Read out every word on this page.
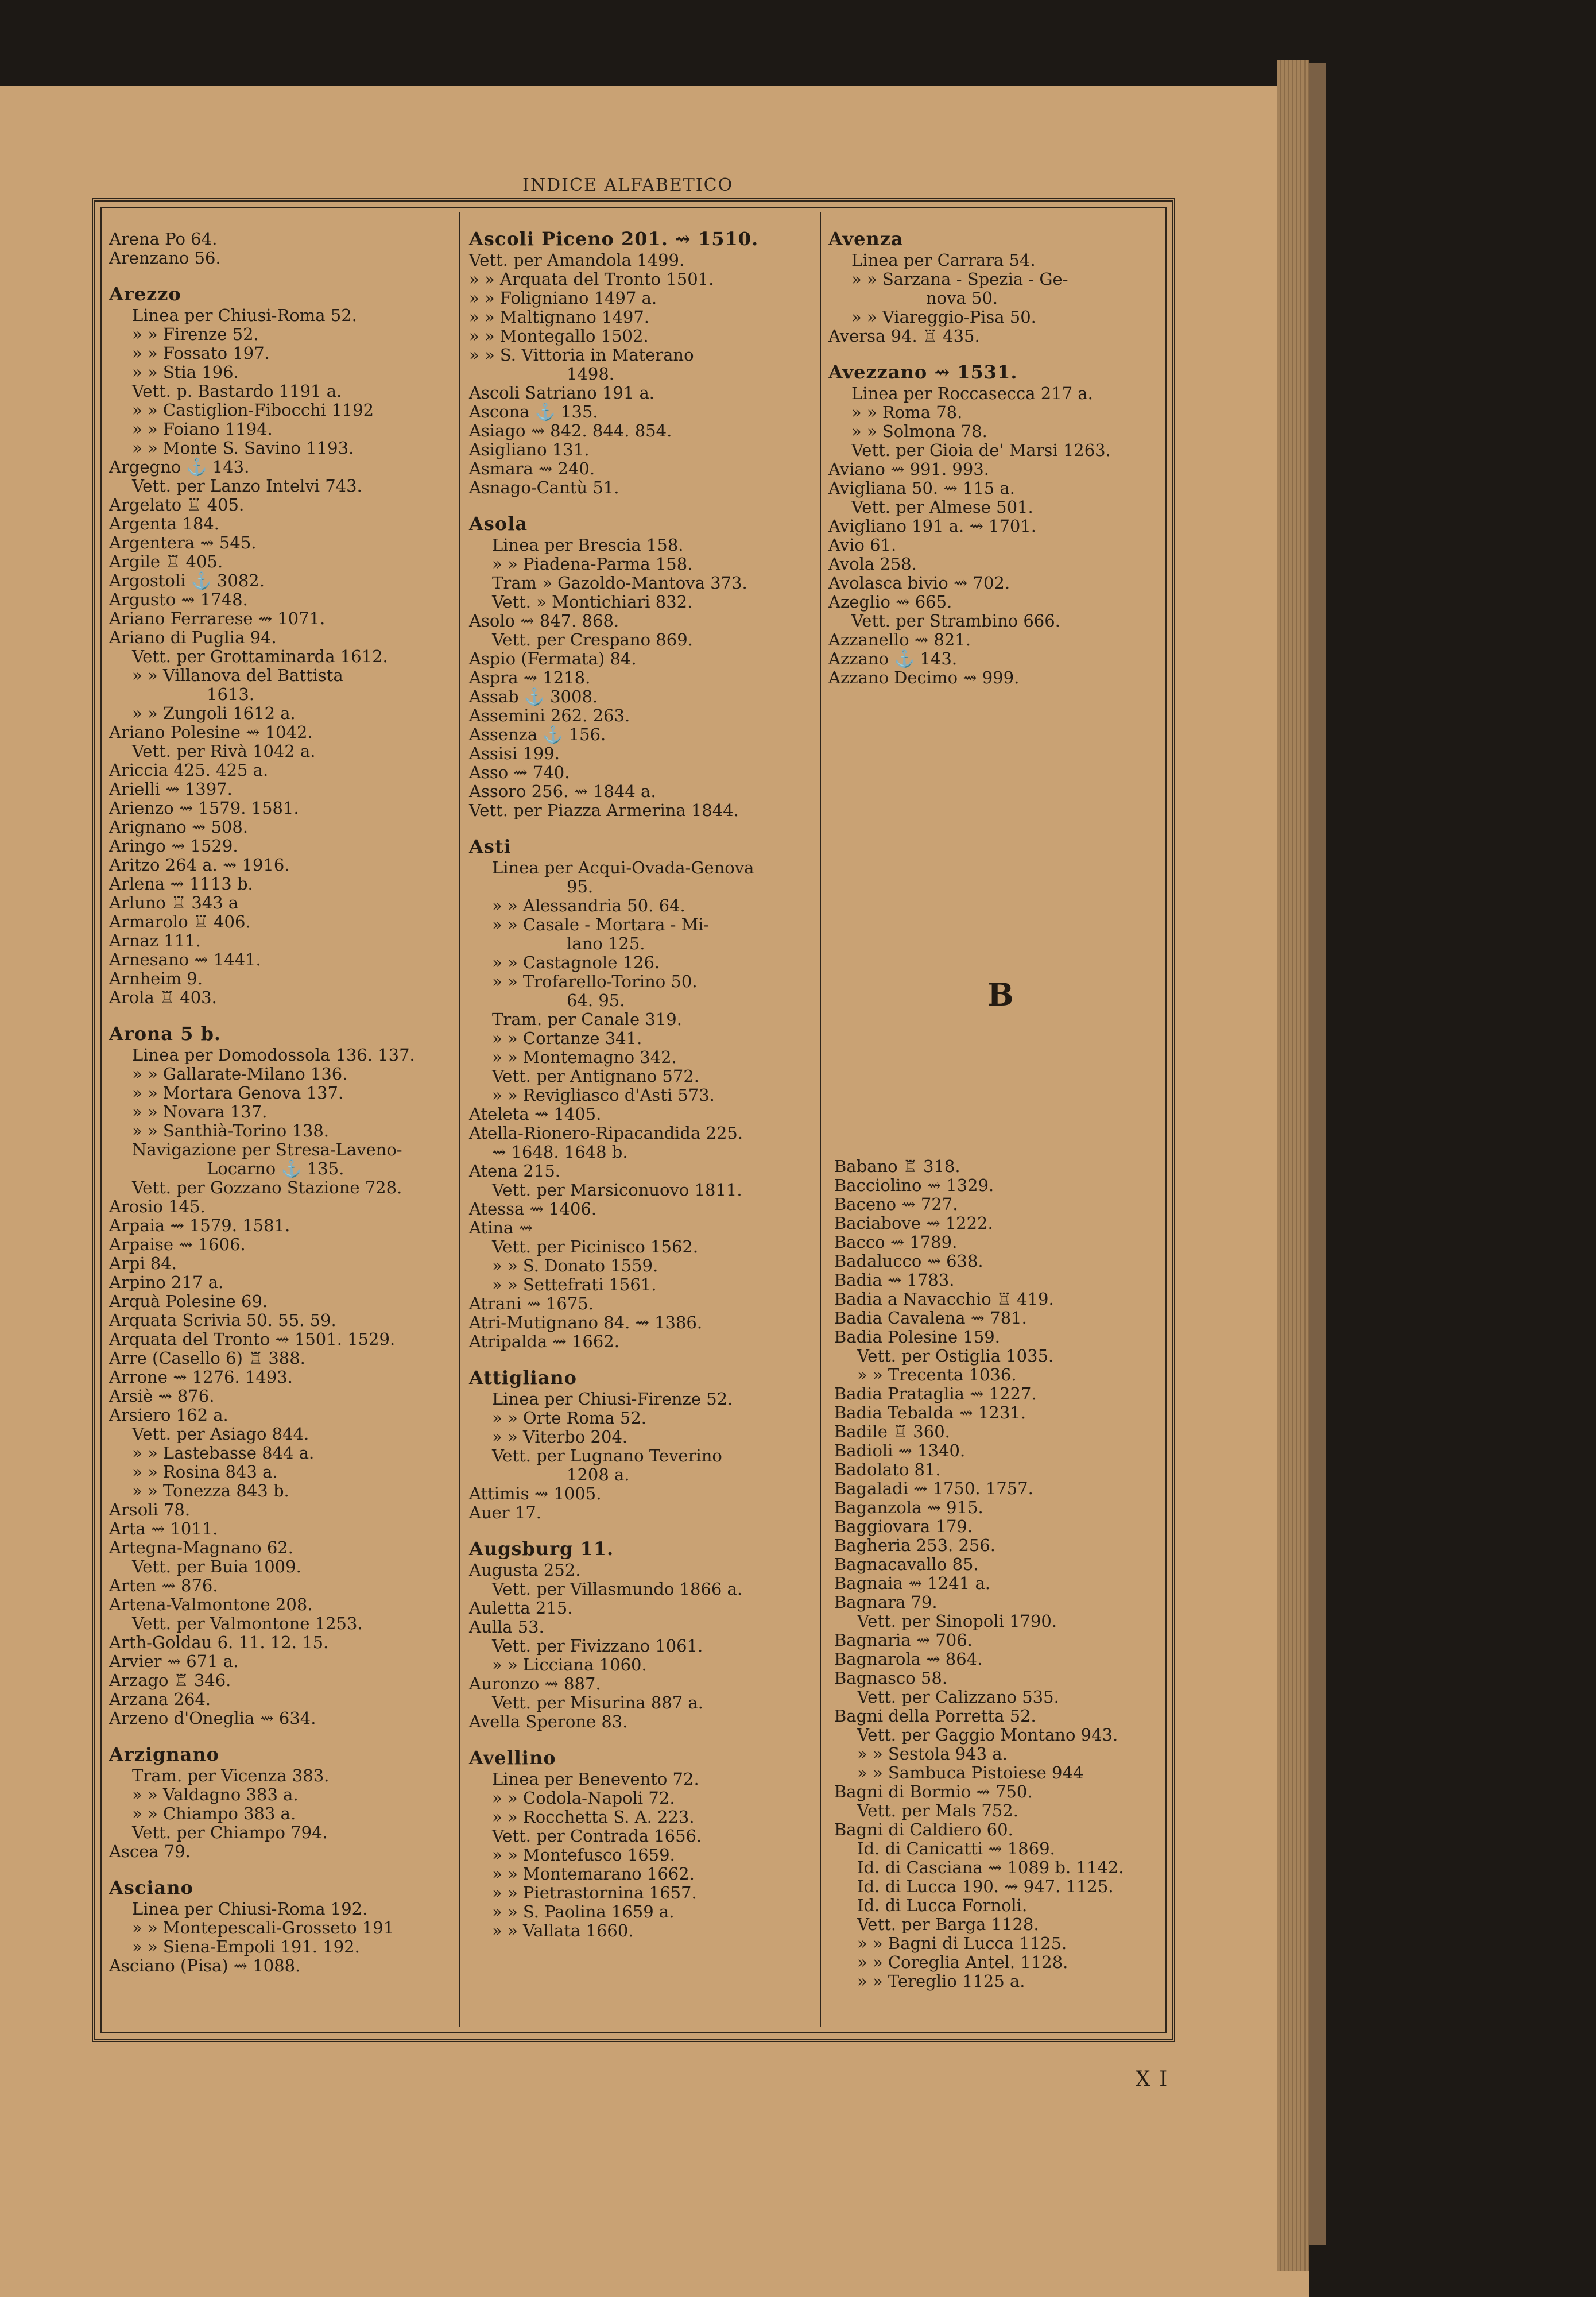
INDICE ALFABETICO
Arena Po 64.
Arenzano 56.
Arezzo
Linea per Chiusi-Roma 52.
» » Firenze 52.
» » Fossato 197.
» » Stia 196.
Vett. p. Bastardo 1191 a.
» » Castiglion-Fibocchi 1192
» » Foiano 1194.
» » Monte S. Savino 1193.
Argegno ⚓ 143.
Vett. per Lanzo Intelvi 743.
Argelato ♖ 405.
Argenta 184.
Argentera ⇝ 545.
Argile ♖ 405.
Argostoli ⚓ 3082.
Argusto ⇝ 1748.
Ariano Ferrarese ⇝ 1071.
Ariano di Puglia 94.
Vett. per Grottaminarda 1612.
» » Villanova del Battista
1613.
» » Zungoli 1612 a.
Ariano Polesine ⇝ 1042.
Vett. per Rivà 1042 a.
Ariccia 425. 425 a.
Arielli ⇝ 1397.
Arienzo ⇝ 1579. 1581.
Arignano ⇝ 508.
Aringo ⇝ 1529.
Aritzo 264 a. ⇝ 1916.
Arlena ⇝ 1113 b.
Arluno ♖ 343 a
Armarolo ♖ 406.
Arnaz 111.
Arnesano ⇝ 1441.
Arnheim 9.
Arola ♖ 403.
Arona 5 b.
Linea per Domodossola 136. 137.
» » Gallarate-Milano 136.
» » Mortara Genova 137.
» » Novara 137.
» » Santhià-Torino 138.
Navigazione per Stresa-Laveno-
Locarno ⚓ 135.
Vett. per Gozzano Stazione 728.
Arosio 145.
Arpaia ⇝ 1579. 1581.
Arpaise ⇝ 1606.
Arpi 84.
Arpino 217 a.
Arquà Polesine 69.
Arquata Scrivia 50. 55. 59.
Arquata del Tronto ⇝ 1501. 1529.
Arre (Casello 6) ♖ 388.
Arrone ⇝ 1276. 1493.
Arsiè ⇝ 876.
Arsiero 162 a.
Vett. per Asiago 844.
» » Lastebasse 844 a.
» » Rosina 843 a.
» » Tonezza 843 b.
Arsoli 78.
Arta ⇝ 1011.
Artegna-Magnano 62.
Vett. per Buia 1009.
Arten ⇝ 876.
Artena-Valmontone 208.
Vett. per Valmontone 1253.
Arth-Goldau 6. 11. 12. 15.
Arvier ⇝ 671 a.
Arzago ♖ 346.
Arzana 264.
Arzeno d'Oneglia ⇝ 634.
Arzignano
Tram. per Vicenza 383.
» » Valdagno 383 a.
» » Chiampo 383 a.
Vett. per Chiampo 794.
Ascea 79.
Asciano
Linea per Chiusi-Roma 192.
» » Montepescali-Grosseto 191
» » Siena-Empoli 191. 192.
Asciano (Pisa) ⇝ 1088.
Ascoli Piceno 201. ⇝ 1510.
Vett. per Amandola 1499.
» » Arquata del Tronto 1501.
» » Foligniano 1497 a.
» » Maltignano 1497.
» » Montegallo 1502.
» » S. Vittoria in Materano
1498.
Ascoli Satriano 191 a.
Ascona ⚓ 135.
Asiago ⇝ 842. 844. 854.
Asigliano 131.
Asmara ⇝ 240.
Asnago-Cantù 51.
Asola
Linea per Brescia 158.
» » Piadena-Parma 158.
Tram » Gazoldo-Mantova 373.
Vett. » Montichiari 832.
Asolo ⇝ 847. 868.
Vett. per Crespano 869.
Aspio (Fermata) 84.
Aspra ⇝ 1218.
Assab ⚓ 3008.
Assemini 262. 263.
Assenza ⚓ 156.
Assisi 199.
Asso ⇝ 740.
Assoro 256. ⇝ 1844 a.
Vett. per Piazza Armerina 1844.
Asti
Linea per Acqui-Ovada-Genova
95.
» » Alessandria 50. 64.
» » Casale - Mortara - Mi-
lano 125.
» » Castagnole 126.
» » Trofarello-Torino 50.
64. 95.
Tram. per Canale 319.
» » Cortanze 341.
» » Montemagno 342.
Vett. per Antignano 572.
» » Revigliasco d'Asti 573.
Ateleta ⇝ 1405.
Atella-Rionero-Ripacandida 225.
⇝ 1648. 1648 b.
Atena 215.
Vett. per Marsiconuovo 1811.
Atessa ⇝ 1406.
Atina ⇝
Vett. per Picinisco 1562.
» » S. Donato 1559.
» » Settefrati 1561.
Atrani ⇝ 1675.
Atri-Mutignano 84. ⇝ 1386.
Atripalda ⇝ 1662.
Attigliano
Linea per Chiusi-Firenze 52.
» » Orte Roma 52.
» » Viterbo 204.
Vett. per Lugnano Teverino
1208 a.
Attimis ⇝ 1005.
Auer 17.
Augsburg 11.
Augusta 252.
Vett. per Villasmundo 1866 a.
Auletta 215.
Aulla 53.
Vett. per Fivizzano 1061.
» » Licciana 1060.
Auronzo ⇝ 887.
Vett. per Misurina 887 a.
Avella Sperone 83.
Avellino
Linea per Benevento 72.
» » Codola-Napoli 72.
» » Rocchetta S. A. 223.
Vett. per Contrada 1656.
» » Montefusco 1659.
» » Montemarano 1662.
» » Pietrastornina 1657.
» » S. Paolina 1659 a.
» » Vallata 1660.
Avenza
Linea per Carrara 54.
» » Sarzana - Spezia - Ge-
nova 50.
» » Viareggio-Pisa 50.
Aversa 94. ♖ 435.
Avezzano ⇝ 1531.
Linea per Roccasecca 217 a.
» » Roma 78.
» » Solmona 78.
Vett. per Gioia de' Marsi 1263.
Aviano ⇝ 991. 993.
Avigliana 50. ⇝ 115 a.
Vett. per Almese 501.
Avigliano 191 a. ⇝ 1701.
Avio 61.
Avola 258.
Avolasca bivio ⇝ 702.
Azeglio ⇝ 665.
Vett. per Strambino 666.
Azzanello ⇝ 821.
Azzano ⚓ 143.
Azzano Decimo ⇝ 999.
B
Babano ♖ 318.
Bacciolino ⇝ 1329.
Baceno ⇝ 727.
Baciabove ⇝ 1222.
Bacco ⇝ 1789.
Badalucco ⇝ 638.
Badia ⇝ 1783.
Badia a Navacchio ♖ 419.
Badia Cavalena ⇝ 781.
Badia Polesine 159.
Vett. per Ostiglia 1035.
» » Trecenta 1036.
Badia Prataglia ⇝ 1227.
Badia Tebalda ⇝ 1231.
Badile ♖ 360.
Badioli ⇝ 1340.
Badolato 81.
Bagaladi ⇝ 1750. 1757.
Baganzola ⇝ 915.
Baggiovara 179.
Bagheria 253. 256.
Bagnacavallo 85.
Bagnaia ⇝ 1241 a.
Bagnara 79.
Vett. per Sinopoli 1790.
Bagnaria ⇝ 706.
Bagnarola ⇝ 864.
Bagnasco 58.
Vett. per Calizzano 535.
Bagni della Porretta 52.
Vett. per Gaggio Montano 943.
» » Sestola 943 a.
» » Sambuca Pistoiese 944
Bagni di Bormio ⇝ 750.
Vett. per Mals 752.
Bagni di Caldiero 60.
Id. di Canicatti ⇝ 1869.
Id. di Casciana ⇝ 1089 b. 1142.
Id. di Lucca 190. ⇝ 947. 1125.
Id. di Lucca Fornoli.
Vett. per Barga 1128.
» » Bagni di Lucca 1125.
» » Coreglia Antel. 1128.
» » Tereglio 1125 a.
X I
